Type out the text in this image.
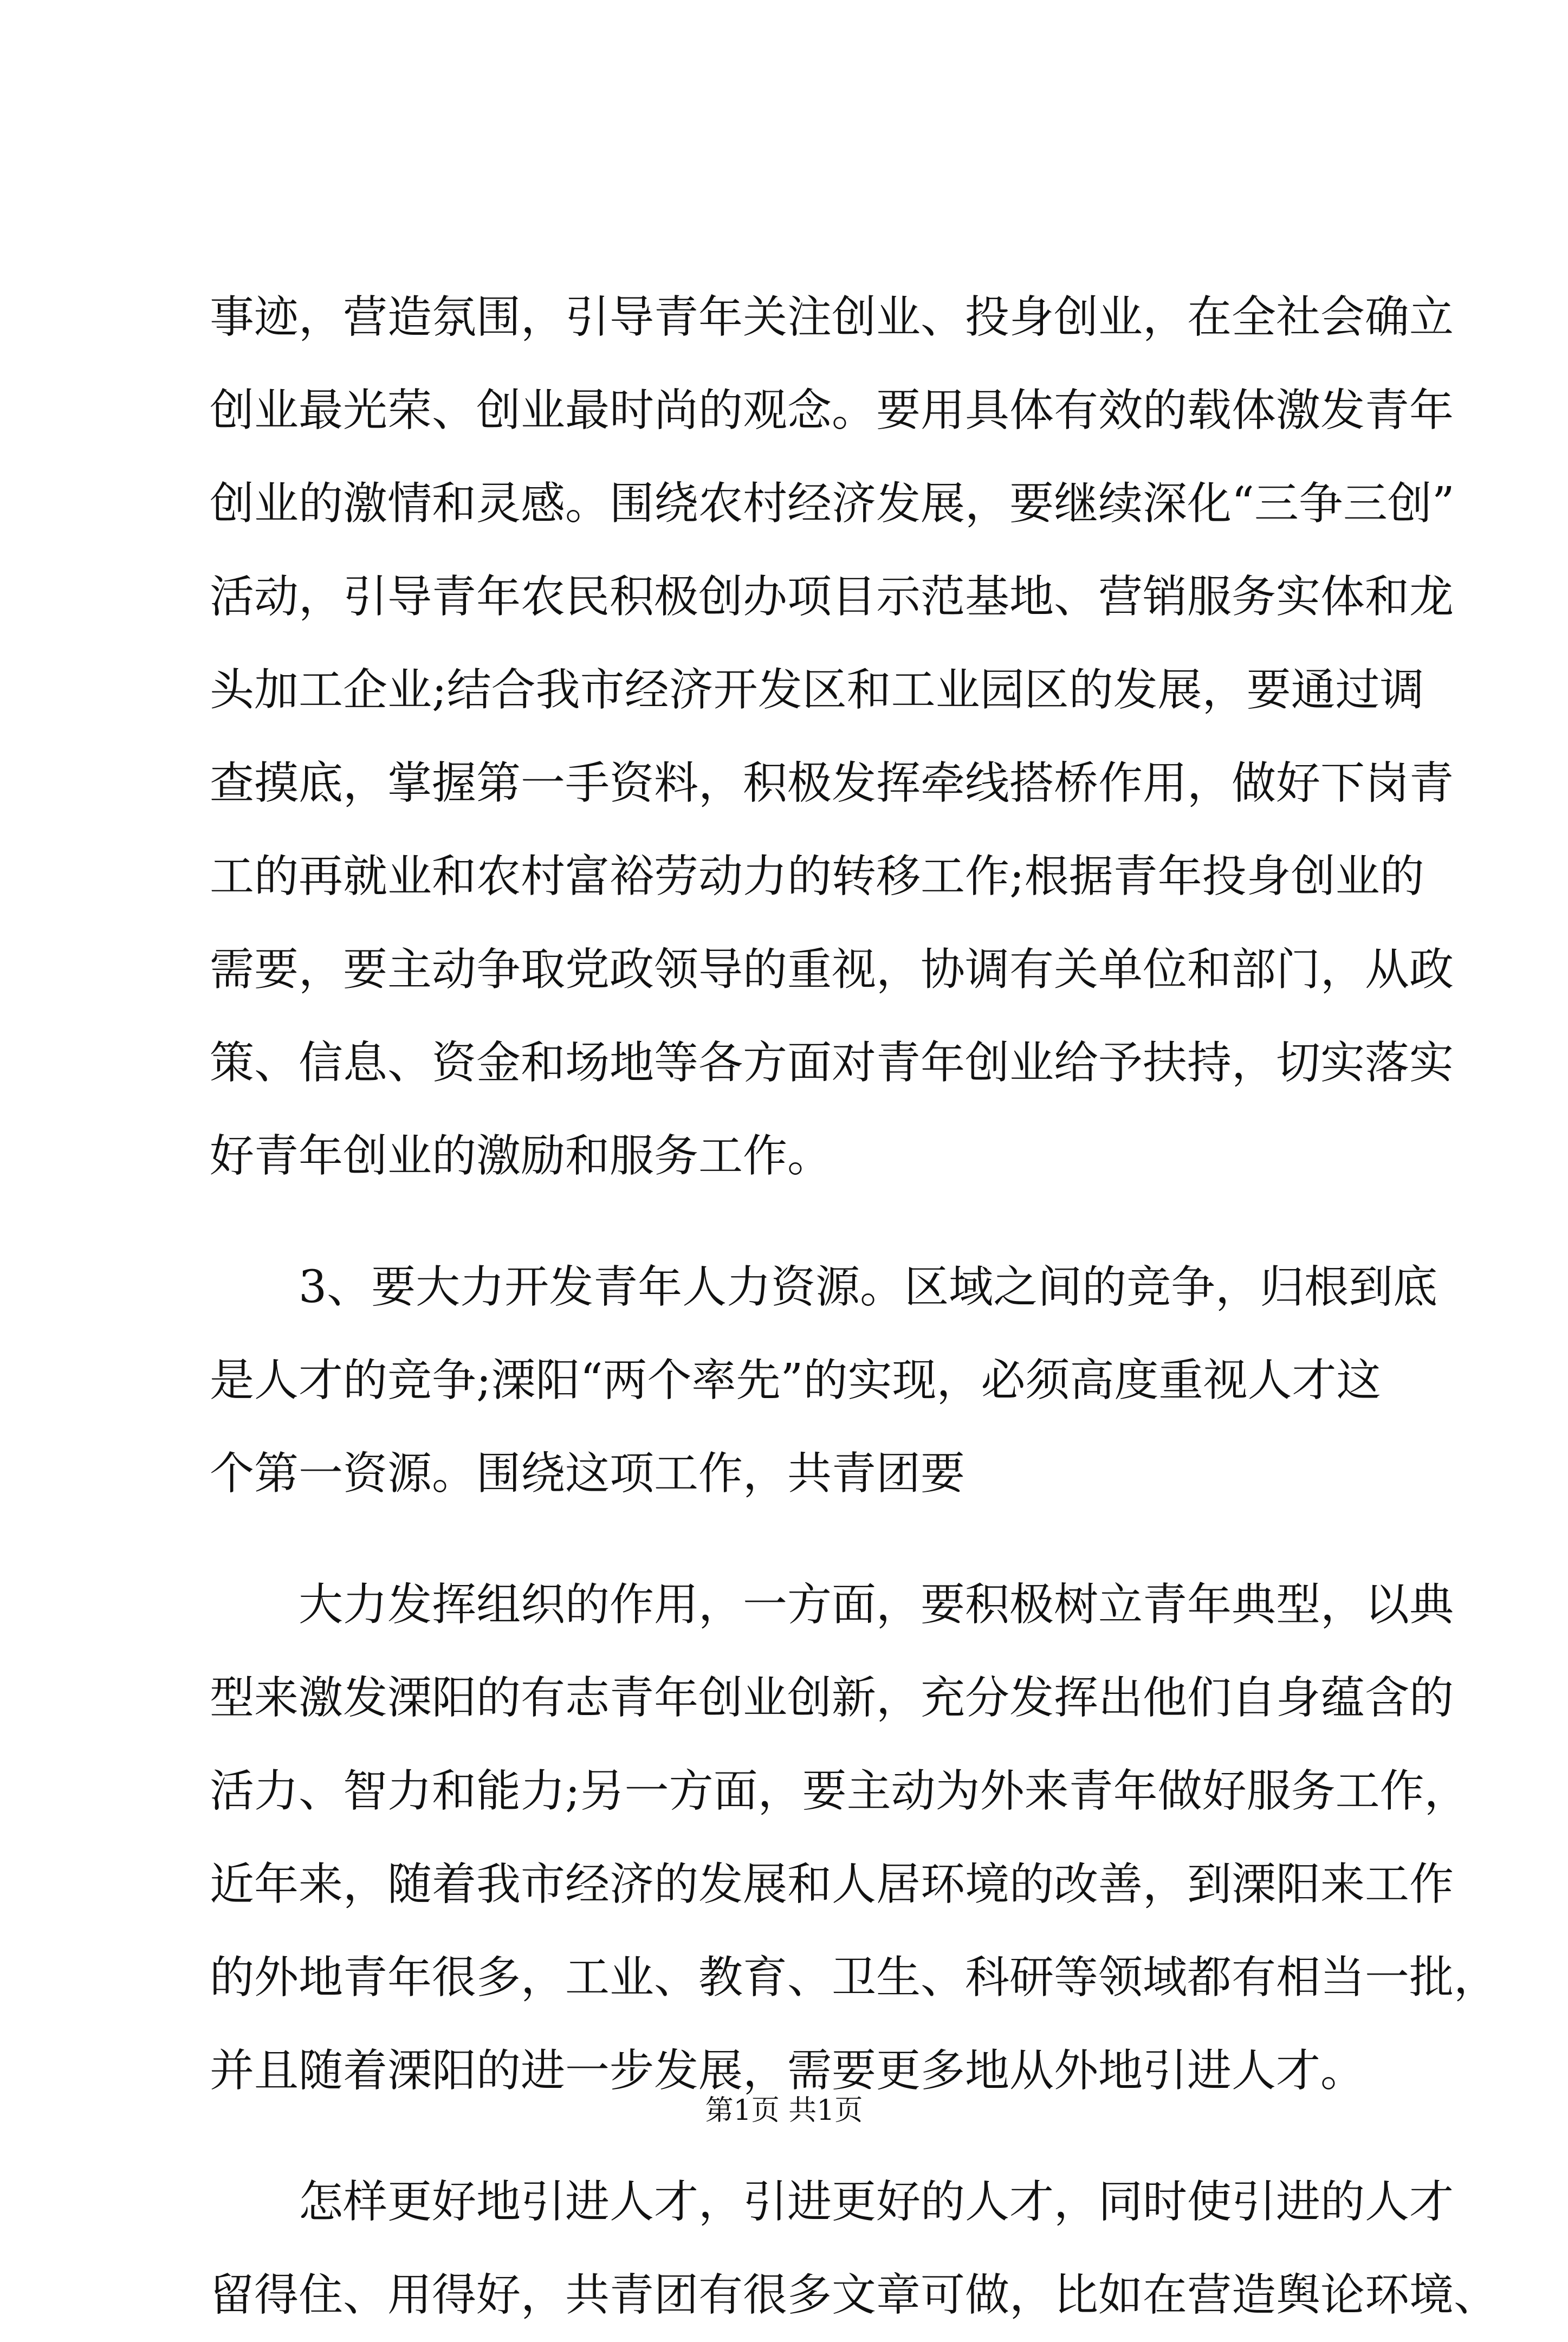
事迹，营造氛围，引导青年关注创业、投身创业，在全社会确立
创业最光荣、创业最时尚的观念。要用具体有效的载体激发青年
创业的激情和灵感。围绕农村经济发展，要继续深化“三争三创”
活动，引导青年农民积极创办项目示范基地、营销服务实体和龙
头加工企业;结合我市经济开发区和工业园区的发展，要通过调
查摸底，掌握第一手资料，积极发挥牵线搭桥作用，做好下岗青
工的再就业和农村富裕劳动力的转移工作;根据青年投身创业的
需要，要主动争取党政领导的重视，协调有关单位和部门，从政
策、信息、资金和场地等各方面对青年创业给予扶持，切实落实
好青年创业的激励和服务工作。
3、要大力开发青年人力资源。区域之间的竞争，归根到底
是人才的竞争;溧阳“两个率先”的实现，必须高度重视人才这
个第一资源。围绕这项工作，共青团要
大力发挥组织的作用，一方面，要积极树立青年典型，以典
型来激发溧阳的有志青年创业创新，充分发挥出他们自身蕴含的
活力、智力和能力;另一方面，要主动为外来青年做好服务工作，
近年来，随着我市经济的发展和人居环境的改善，到溧阳来工作
的外地青年很多，工业、教育、卫生、科研等领域都有相当一批，
并且随着溧阳的进一步发展，需要更多地从外地引进人才。
怎样更好地引进人才，引进更好的人才，同时使引进的人才
留得住、用得好，共青团有很多文章可做，比如在营造舆论环境、
第1页 共1页
